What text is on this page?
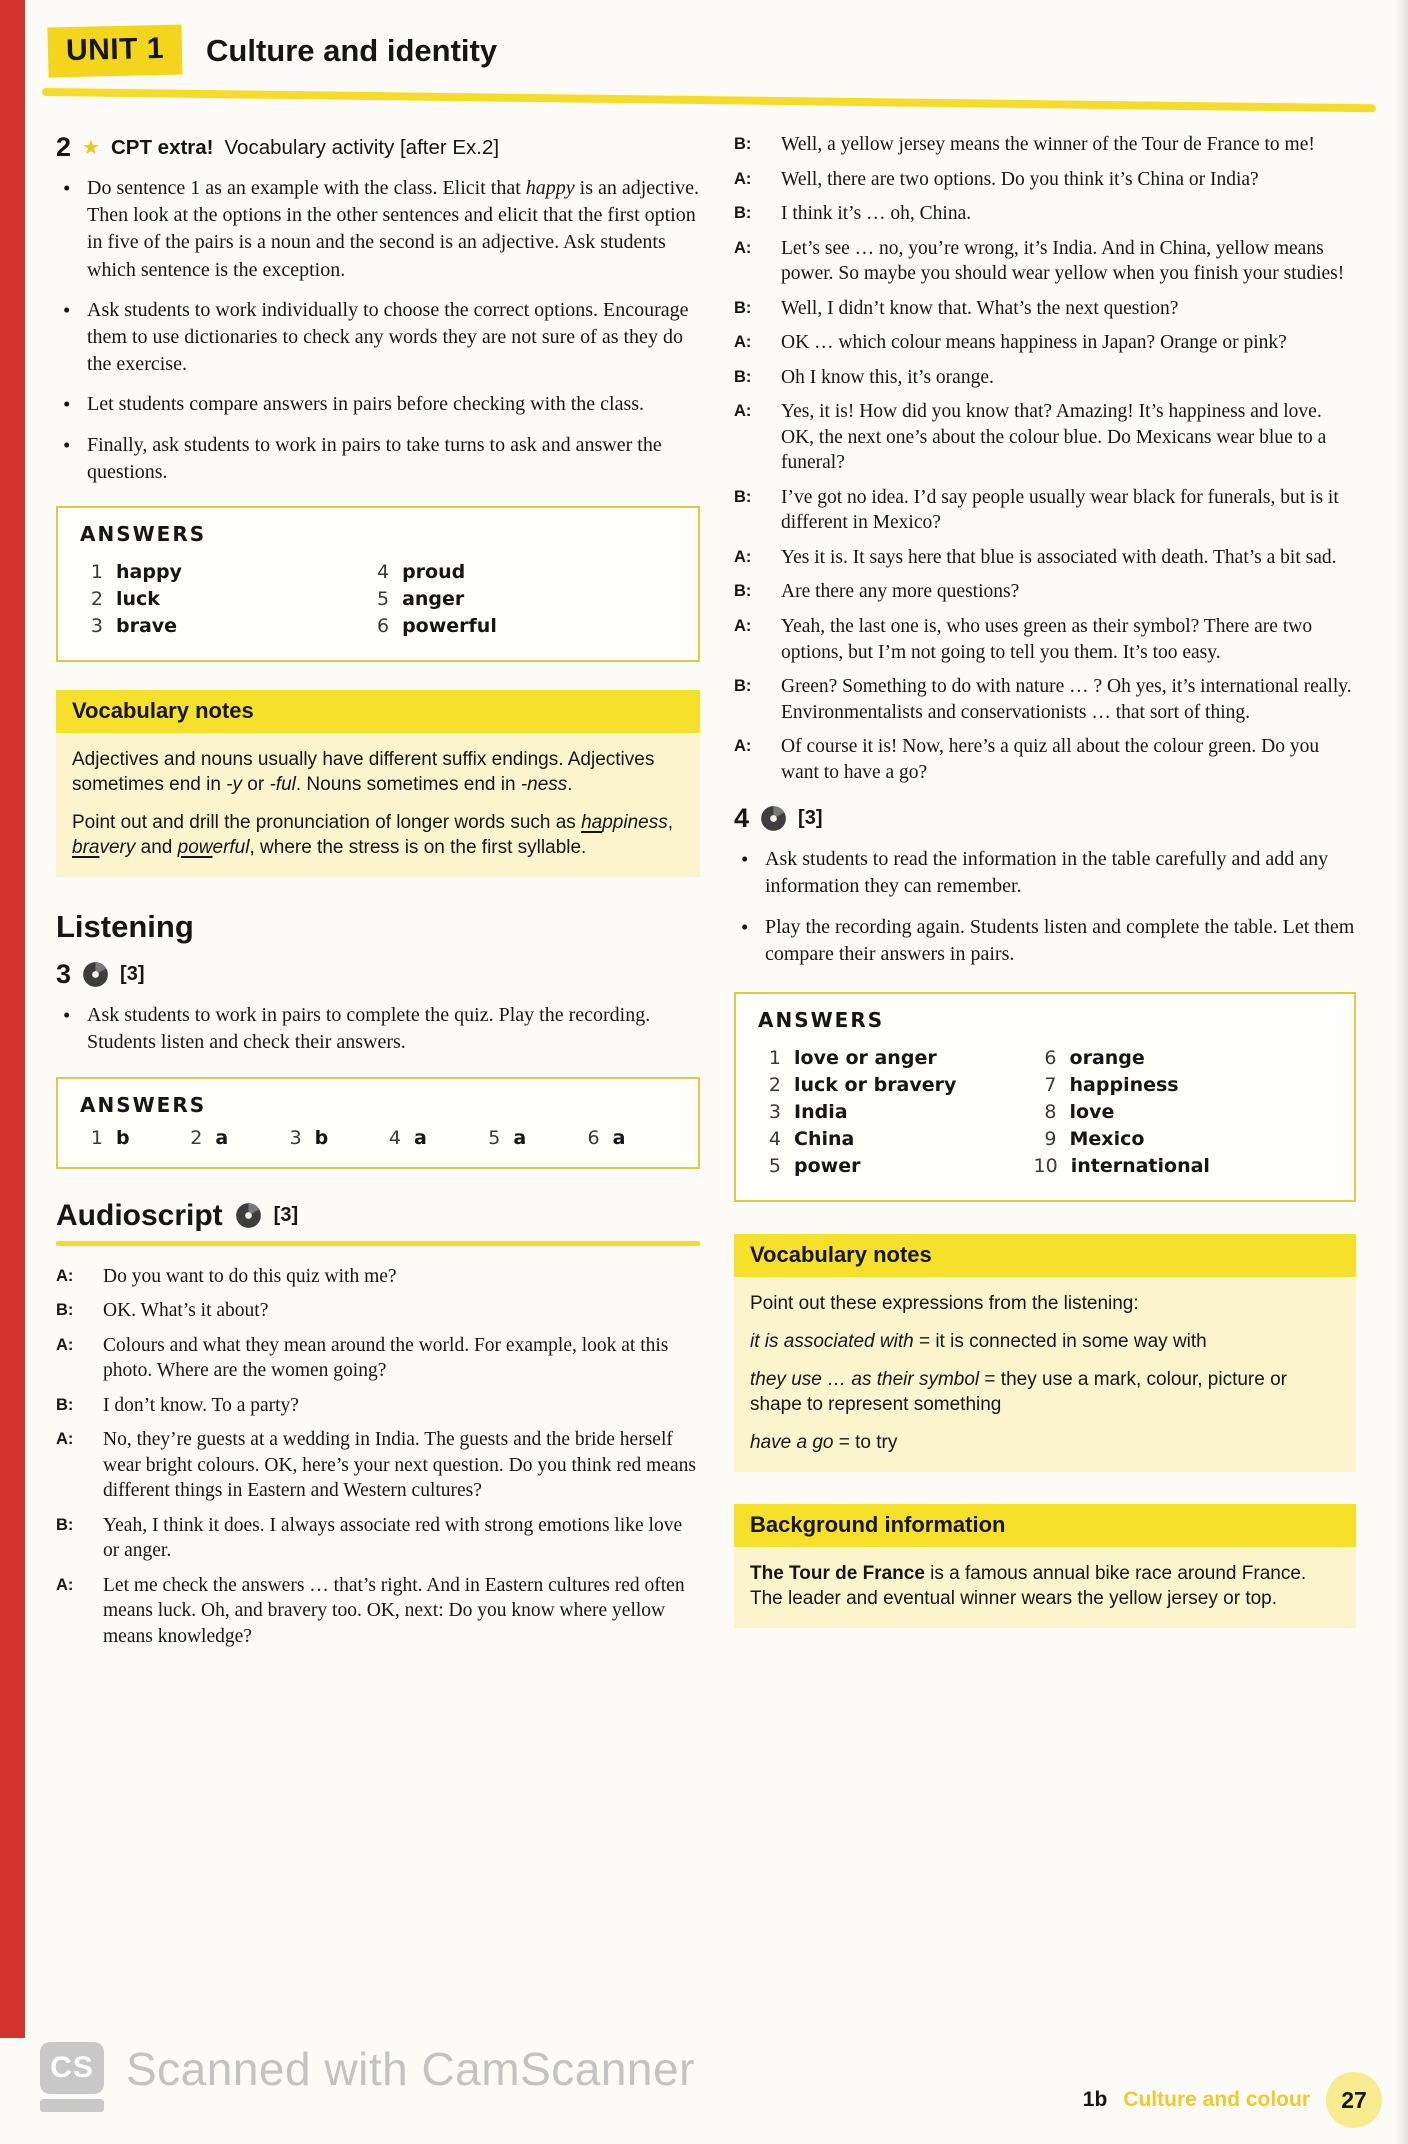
UNIT 1	Culture and identity
2 ★ CPT extra! Vocabulary activity [after Ex.2]
• Do sentence 1 as an example with the class. Elicit that happy is an adjective. Then look at the options in the other sentences and elicit that the first option in five of the pairs is a noun and the second is an adjective. Ask students which sentence is the exception.
• Ask students to work individually to choose the correct options. Encourage them to use dictionaries to check any words they are not sure of as they do the exercise.
• Let students compare answers in pairs before checking with the class.
• Finally, ask students to work in pairs to take turns to ask and answer the questions.
ANSWERS
1 happy
2 luck
3 brave
4 proud
5 anger
6 powerful
Vocabulary notes

Adjectives and nouns usually have different suffix endings. Adjectives sometimes end in -y or -ful. Nouns sometimes end in -ness.

Point out and drill the pronunciation of longer words such as happiness, bravery and powerful, where the stress is on the first syllable.

Listening
3 [3]
• Ask students to work in pairs to complete the quiz. Play the recording. Students listen and check their answers.
ANSWERS
1 b	2 a	3 b	4 a	5 a	6 a
Audioscript	[3]
A:	Do you want to do this quiz with me?
B:	OK. What’s it about?
A:	Colours and what they mean around the world. For example, look at this photo. Where are the women going?
B:	I don’t know. To a party?
A:	No, they’re guests at a wedding in India. The guests and the bride herself wear bright colours. OK, here’s your next question. Do you think red means different things in Eastern and Western cultures?
B:	Yeah, I think it does. I always associate red with strong emotions like love or anger.
A:	Let me check the answers … that’s right. And in Eastern cultures red often means luck. Oh, and bravery too. OK, next: Do you know where yellow means knowledge?
B:	Well, a yellow jersey means the winner of the Tour de France to me!
A:	Well, there are two options. Do you think it’s China or India?
B:	I think it’s … oh, China.
A:	Let’s see … no, you’re wrong, it’s India. And in China, yellow means power. So maybe you should wear yellow when you finish your studies!
B:	Well, I didn’t know that. What’s the next question?
A:	OK … which colour means happiness in Japan? Orange or pink?
B:	Oh I know this, it’s orange.
A:	Yes, it is! How did you know that? Amazing! It’s happiness and love. OK, the next one’s about the colour blue. Do Mexicans wear blue to a funeral?
B:	I’ve got no idea. I’d say people usually wear black for funerals, but is it different in Mexico?
A:	Yes it is. It says here that blue is associated with death. That’s a bit sad.
B:	Are there any more questions?
A:	Yeah, the last one is, who uses green as their symbol? There are two options, but I’m not going to tell you them. It’s too easy.
B:	Green? Something to do with nature … ? Oh yes, it’s international really. Environmentalists and conservationists … that sort of thing.
A:	Of course it is! Now, here’s a quiz all about the colour green. Do you want to have a go?
4 [3]
• Ask students to read the information in the table carefully and add any information they can remember.
• Play the recording again. Students listen and complete the table. Let them compare their answers in pairs.
ANSWERS
1 love or anger
2 luck or bravery
3 India
4 China
5 power
6 orange
7 happiness
8 love
9 Mexico
10 international
Vocabulary notes

Point out these expressions from the listening:

it is associated with = it is connected in some way with

they use … as their symbol = they use a mark, colour, picture or shape to represent something

have a go = to try

Background information

The Tour de France is a famous annual bike race around France. The leader and eventual winner wears the yellow jersey or top.

CS Scanned with CamScanner
1b Culture and colour 27
